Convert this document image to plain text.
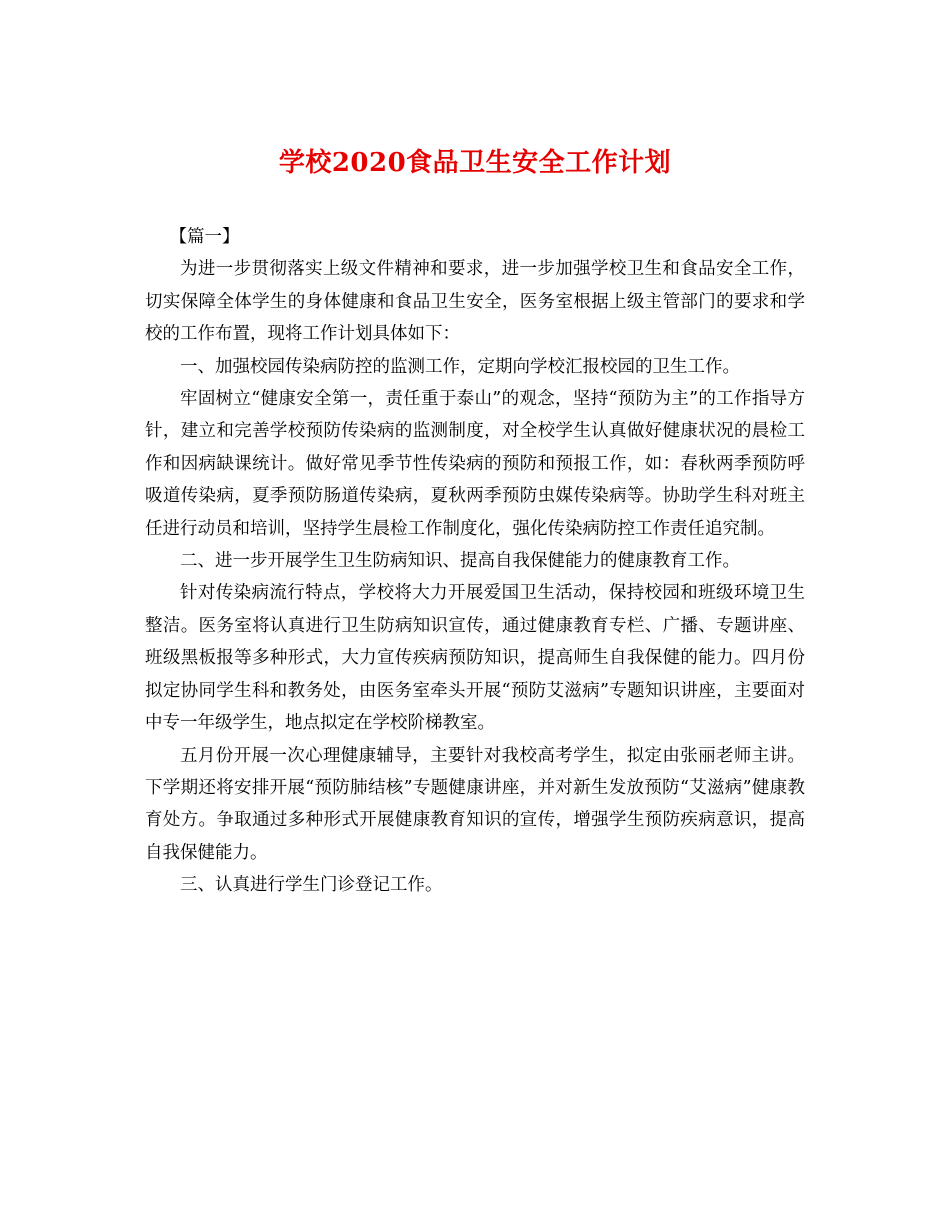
学校2020食品卫生安全工作计划

【篇一】

为进一步贯彻落实上级文件精神和要求，进一步加强学校卫生和食品安全工作，切实保障全体学生的身体健康和食品卫生安全，医务室根据上级主管部门的要求和学校的工作布置，现将工作计划具体如下：

一、加强校园传染病防控的监测工作，定期向学校汇报校园的卫生工作。

牢固树立“健康安全第一，责任重于泰山”的观念，坚持“预防为主”的工作指导方针，建立和完善学校预防传染病的监测制度，对全校学生认真做好健康状况的晨检工作和因病缺课统计。做好常见季节性传染病的预防和预报工作，如：春秋两季预防呼吸道传染病，夏季预防肠道传染病，夏秋两季预防虫媒传染病等。协助学生科对班主任进行动员和培训，坚持学生晨检工作制度化，强化传染病防控工作责任追究制。

二、进一步开展学生卫生防病知识、提高自我保健能力的健康教育工作。

针对传染病流行特点，学校将大力开展爱国卫生活动，保持校园和班级环境卫生整洁。医务室将认真进行卫生防病知识宣传，通过健康教育专栏、广播、专题讲座、班级黑板报等多种形式，大力宣传疾病预防知识，提高师生自我保健的能力。四月份拟定协同学生科和教务处，由医务室牵头开展“预防艾滋病”专题知识讲座，主要面对中专一年级学生，地点拟定在学校阶梯教室。

五月份开展一次心理健康辅导，主要针对我校高考学生，拟定由张丽老师主讲。下学期还将安排开展“预防肺结核”专题健康讲座，并对新生发放预防“艾滋病”健康教育处方。争取通过多种形式开展健康教育知识的宣传，增强学生预防疾病意识，提高自我保健能力。

三、认真进行学生门诊登记工作。
